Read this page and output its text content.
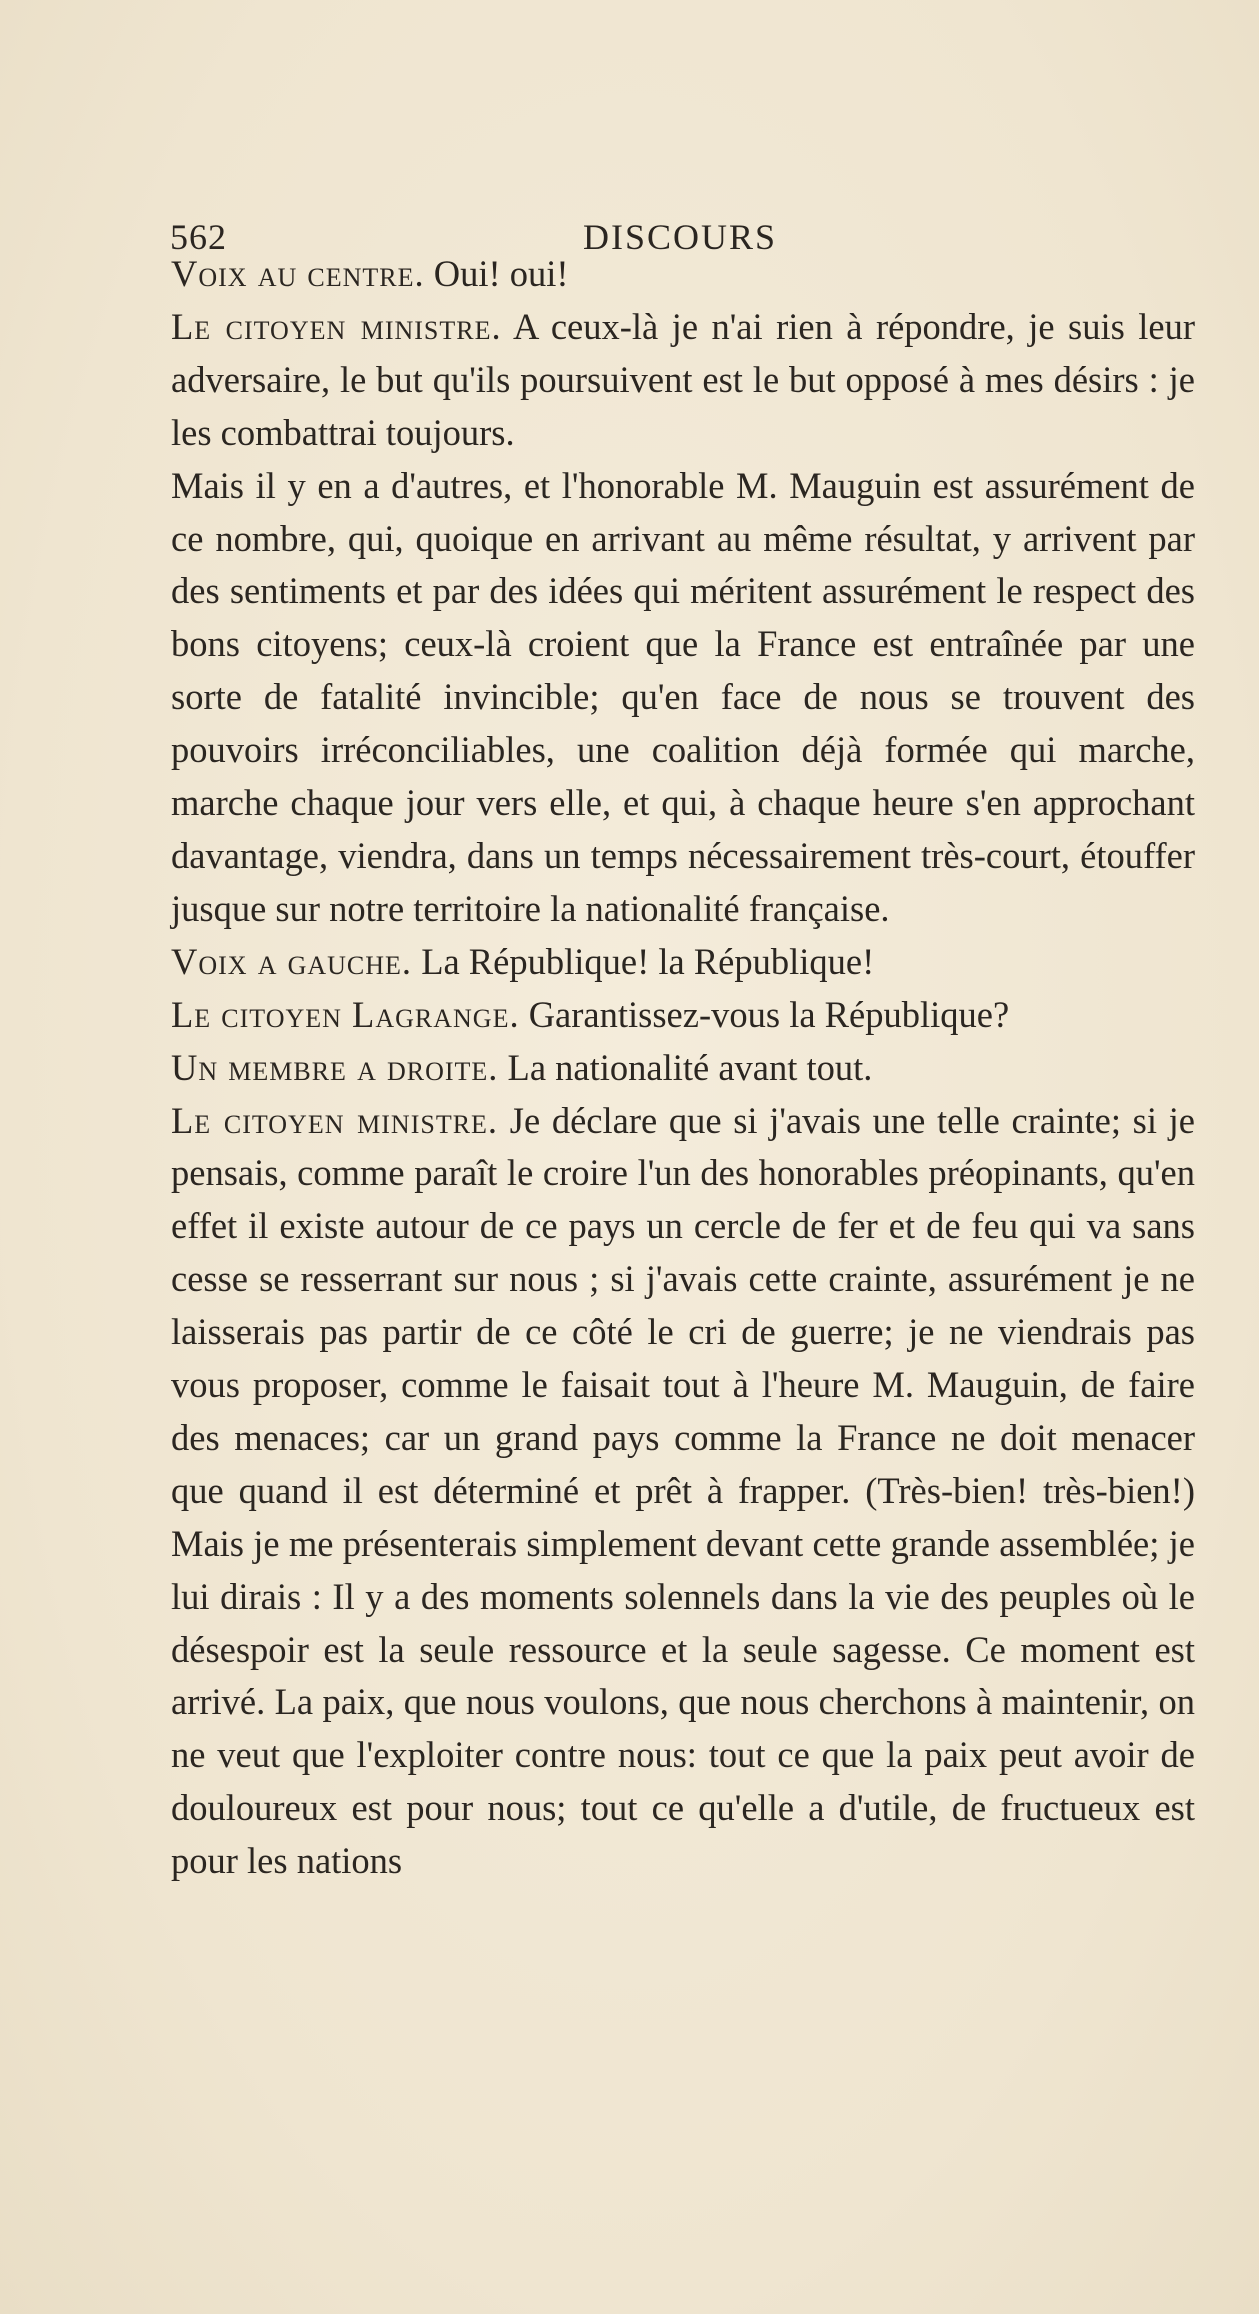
562	DISCOURS

Voix au centre. Oui! oui!

Le citoyen ministre. A ceux-là je n'ai rien à répondre, je suis leur adversaire, le but qu'ils poursuivent est le but opposé à mes désirs : je les combattrai toujours.

Mais il y en a d'autres, et l'honorable M. Mauguin est assurément de ce nombre, qui, quoique en arrivant au même résultat, y arrivent par des sentiments et par des idées qui méritent assurément le respect des bons citoyens; ceux-là croient que la France est entraînée par une sorte de fatalité invincible; qu'en face de nous se trouvent des pouvoirs irréconciliables, une coalition déjà formée qui marche, marche chaque jour vers elle, et qui, à chaque heure s'en approchant davantage, viendra, dans un temps nécessairement très-court, étouffer jusque sur notre territoire la nationalité française.

Voix a gauche. La République! la République!

Le citoyen Lagrange. Garantissez-vous la République?

Un membre a droite. La nationalité avant tout.

Le citoyen ministre. Je déclare que si j'avais une telle crainte; si je pensais, comme paraît le croire l'un des honorables préopinants, qu'en effet il existe autour de ce pays un cercle de fer et de feu qui va sans cesse se resserrant sur nous ; si j'avais cette crainte, assurément je ne laisserais pas partir de ce côté le cri de guerre; je ne viendrais pas vous proposer, comme le faisait tout à l'heure M. Mauguin, de faire des menaces; car un grand pays comme la France ne doit menacer que quand il est déterminé et prêt à frapper. (Très-bien! très-bien!) Mais je me présenterais simplement devant cette grande assemblée; je lui dirais : Il y a des moments solennels dans la vie des peuples où le désespoir est la seule ressource et la seule sagesse. Ce moment est arrivé. La paix, que nous voulons, que nous cherchons à maintenir, on ne veut que l'exploiter contre nous: tout ce que la paix peut avoir de douloureux est pour nous; tout ce qu'elle a d'utile, de fructueux est pour les nations
